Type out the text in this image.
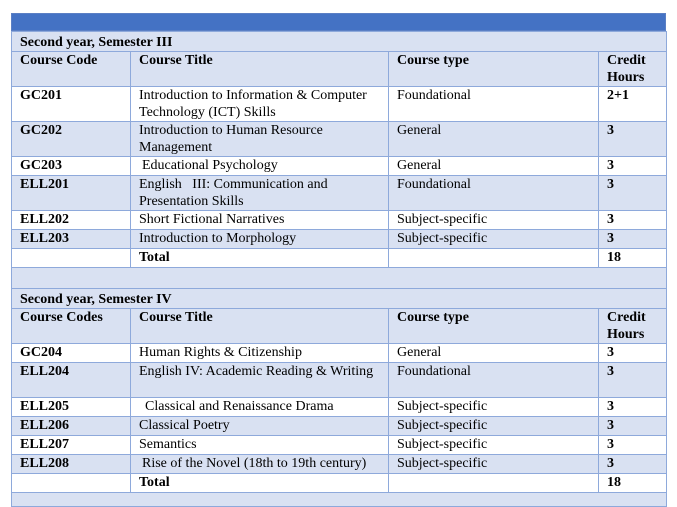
Second year, Semester III			
Course Code	Course Title	Course type	Credit Hours
GC201	Introduction to Information & Computer Technology (ICT) Skills	Foundational	2+1
GC202	Introduction to Human Resource Management	General	3
GC203	Educational Psychology	General	3
ELL201	English   III: Communication and Presentation Skills	Foundational	3
ELL202	Short Fictional Narratives	Subject-specific	3
ELL203	Introduction to Morphology	Subject-specific	3
	Total		18

Second year, Semester IV			
Course Codes	Course Title	Course type	Credit Hours
GC204	Human Rights & Citizenship	General	3
ELL204	English IV: Academic Reading & Writing	Foundational	3
ELL205	Classical and Renaissance Drama	Subject-specific	3
ELL206	Classical Poetry	Subject-specific	3
ELL207	Semantics	Subject-specific	3
ELL208	Rise of the Novel (18th to 19th century)	Subject-specific	3
	Total		18
